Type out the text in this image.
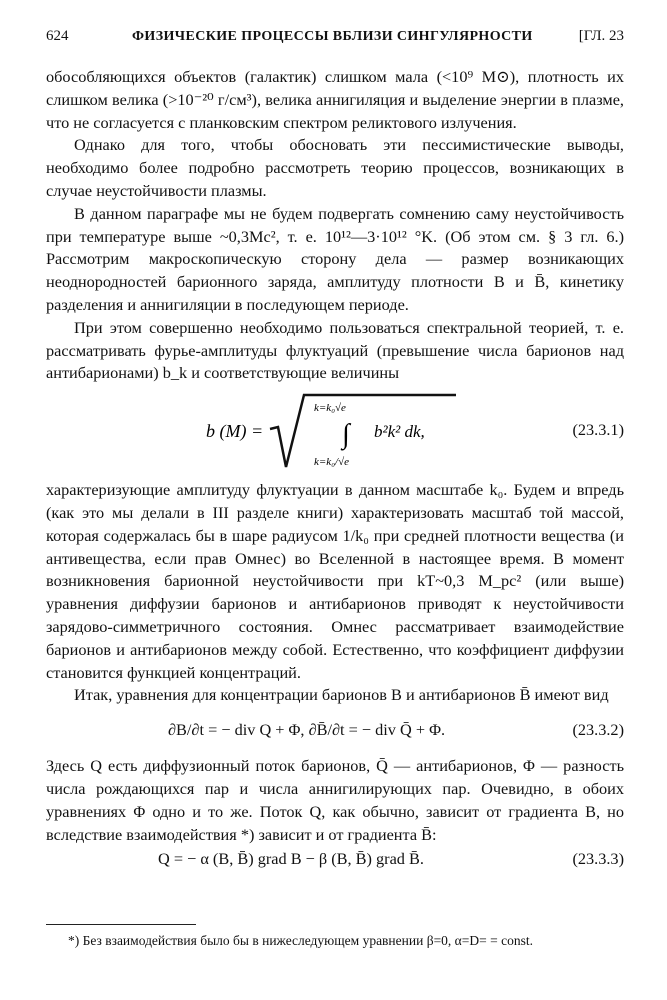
624	ФИЗИЧЕСКИЕ ПРОЦЕССЫ ВБЛИЗИ СИНГУЛЯРНОСТИ	[ГЛ. 23

обособляющихся объектов (галактик) слишком мала (<10⁹ M⊙), плотность их слишком велика (>10⁻²⁰ г/см³), велика аннигиляция и выделение энергии в плазме, что не согласуется с планковским спектром реликтового излучения.

Однако для того, чтобы обосновать эти пессимистические выводы, необходимо более подробно рассмотреть теорию процессов, возникающих в случае неустойчивости плазмы.

В данном параграфе мы не будем подвергать сомнению саму неустойчивость при температуре выше ~0,3Mc², т. е. 10¹²—3·10¹² °K. (Об этом см. § 3 гл. 6.) Рассмотрим макроскопическую сторону дела — размер возникающих неоднородностей барионного заряда, амплитуду плотности B и B̄, кинетику разделения и аннигиляции в последующем периоде.

При этом совершенно необходимо пользоваться спектральной теорией, т. е. рассматривать фурье-амплитуды флуктуаций (превышение числа барионов над антибарионами) b_k и соответствующие величины

b (M) =
k=k₀√e
∫
k=k₀/√e
b²k² dk,	(23.3.1)

характеризующие амплитуду флуктуации в данном масштабе k₀. Будем и впредь (как это мы делали в III разделе книги) характеризовать масштаб той массой, которая содержалась бы в шаре радиусом 1/k₀ при средней плотности вещества (и антивещества, если прав Омнес) во Вселенной в настоящее время. В момент возникновения барионной неустойчивости при kT~0,3 M_pc² (или выше) уравнения диффузии барионов и антибарионов приводят к неустойчивости зарядово-симметричного состояния. Омнес рассматривает взаимодействие барионов и антибарионов между собой. Естественно, что коэффициент диффузии становится функцией концентраций.

Итак, уравнения для концентрации барионов B и антибарионов B̄ имеют вид

∂B/∂t = − div Q + Φ, ∂B̄/∂t = − div Q̄ + Φ.	(23.3.2)

Здесь Q есть диффузионный поток барионов, Q̄ — антибарионов, Φ — разность числа рождающихся пар и числа аннигилирующих пар. Очевидно, в обоих уравнениях Φ одно и то же. Поток Q, как обычно, зависит от градиента B, но вследствие взаимодействия *) зависит и от градиента B̄:

Q = − α (B, B̄) grad B − β (B, B̄) grad B̄.	(23.3.3)
*) Без взаимодействия было бы в нижеследующем уравнении β=0, α=D= = const.
